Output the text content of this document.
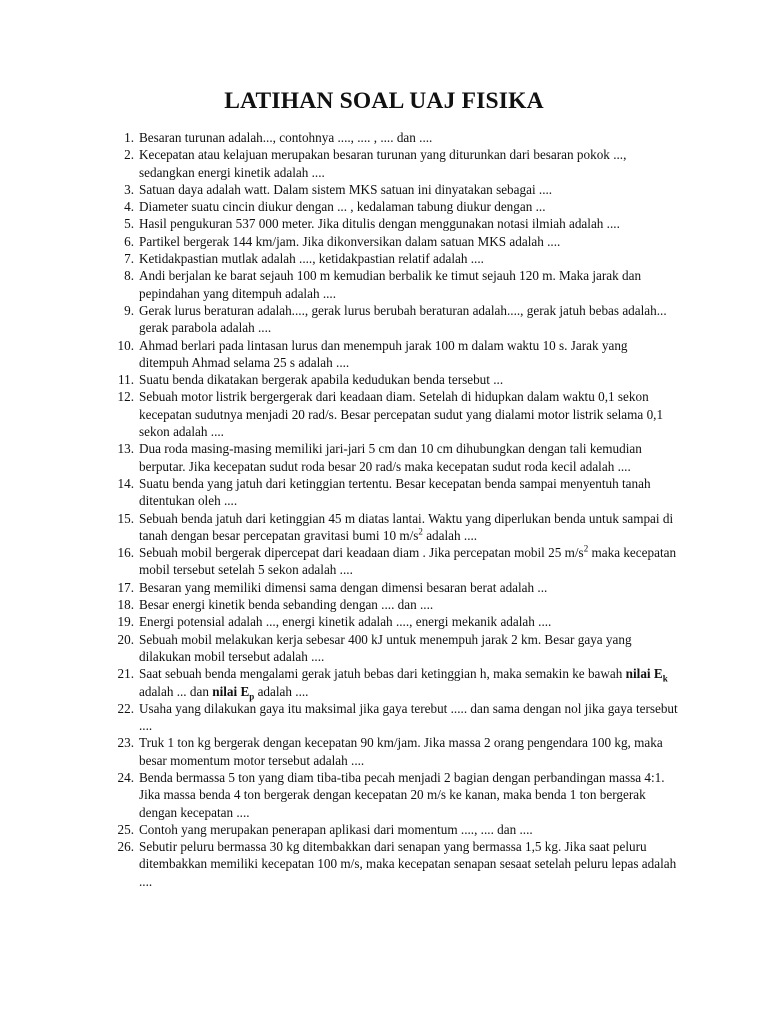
LATIHAN SOAL UAJ FISIKA
1. Besaran turunan adalah..., contohnya ...., .... , .... dan ....
2. Kecepatan atau kelajuan merupakan besaran turunan yang diturunkan dari besaran pokok ..., sedangkan energi kinetik adalah ....
3. Satuan daya adalah watt. Dalam sistem MKS satuan ini dinyatakan sebagai ....
4. Diameter suatu cincin diukur dengan ... , kedalaman tabung diukur dengan ...
5. Hasil pengukuran 537 000 meter. Jika ditulis dengan menggunakan notasi ilmiah adalah ....
6. Partikel bergerak 144 km/jam. Jika dikonversikan dalam satuan MKS adalah ....
7. Ketidakpastian mutlak adalah ...., ketidakpastian relatif adalah ....
8. Andi berjalan ke barat sejauh 100 m kemudian berbalik ke timut sejauh 120 m. Maka jarak dan pepindahan yang ditempuh adalah ....
9. Gerak lurus beraturan adalah...., gerak lurus berubah beraturan adalah...., gerak jatuh bebas adalah... gerak parabola adalah ....
10. Ahmad berlari pada lintasan lurus dan menempuh jarak 100 m dalam waktu 10 s. Jarak yang ditempuh Ahmad selama 25 s adalah ....
11. Suatu benda dikatakan bergerak apabila kedudukan benda tersebut ...
12. Sebuah motor listrik bergergerak dari keadaan diam. Setelah di hidupkan dalam waktu 0,1 sekon kecepatan sudutnya menjadi 20 rad/s. Besar percepatan sudut yang dialami motor listrik selama 0,1 sekon adalah ....
13. Dua roda masing-masing memiliki jari-jari 5 cm dan 10 cm dihubungkan dengan tali kemudian berputar. Jika kecepatan sudut roda besar 20 rad/s maka kecepatan sudut roda kecil adalah ....
14. Suatu benda yang jatuh dari ketinggian tertentu. Besar kecepatan benda sampai menyentuh tanah ditentukan oleh ....
15. Sebuah benda jatuh dari ketinggian 45 m diatas lantai. Waktu yang diperlukan benda untuk sampai di tanah dengan besar percepatan gravitasi bumi 10 $m/s^2$ adalah ....
16. Sebuah mobil bergerak dipercepat dari keadaan diam . Jika percepatan mobil 25 $m/s^2$ maka kecepatan mobil tersebut setelah 5 sekon adalah ....
17. Besaran yang memiliki dimensi sama dengan dimensi besaran berat adalah ...
18. Besar energi kinetik benda sebanding dengan .... dan ....
19. Energi potensial adalah ..., energi kinetik adalah ...., energi mekanik adalah ....
20. Sebuah mobil melakukan kerja sebesar 400 kJ untuk menempuh jarak 2 km. Besar gaya yang dilakukan mobil tersebut adalah ....
21. Saat sebuah benda mengalami gerak jatuh bebas dari ketinggian h, maka semakin ke bawah nilai $E_k$ adalah ... dan nilai $E_p$ adalah ....
22. Usaha yang dilakukan gaya itu maksimal jika gaya terebut ..... dan sama dengan nol jika gaya tersebut ....
23. Truk 1 ton kg bergerak dengan kecepatan 90 km/jam. Jika massa 2 orang pengendara 100 kg, maka besar momentum motor tersebut adalah ....
24. Benda bermassa 5 ton yang diam tiba-tiba pecah menjadi 2 bagian dengan perbandingan massa 4:1. Jika massa benda 4 ton bergerak dengan kecepatan 20 m/s ke kanan, maka benda 1 ton bergerak dengan kecepatan ....
25. Contoh yang merupakan penerapan aplikasi dari momentum ...., .... dan ....
26. Sebutir peluru bermassa 30 kg ditembakkan dari senapan yang bermassa 1,5 kg. Jika saat peluru ditembakkan memiliki kecepatan 100 m/s, maka kecepatan senapan sesaat setelah peluru lepas adalah ....
